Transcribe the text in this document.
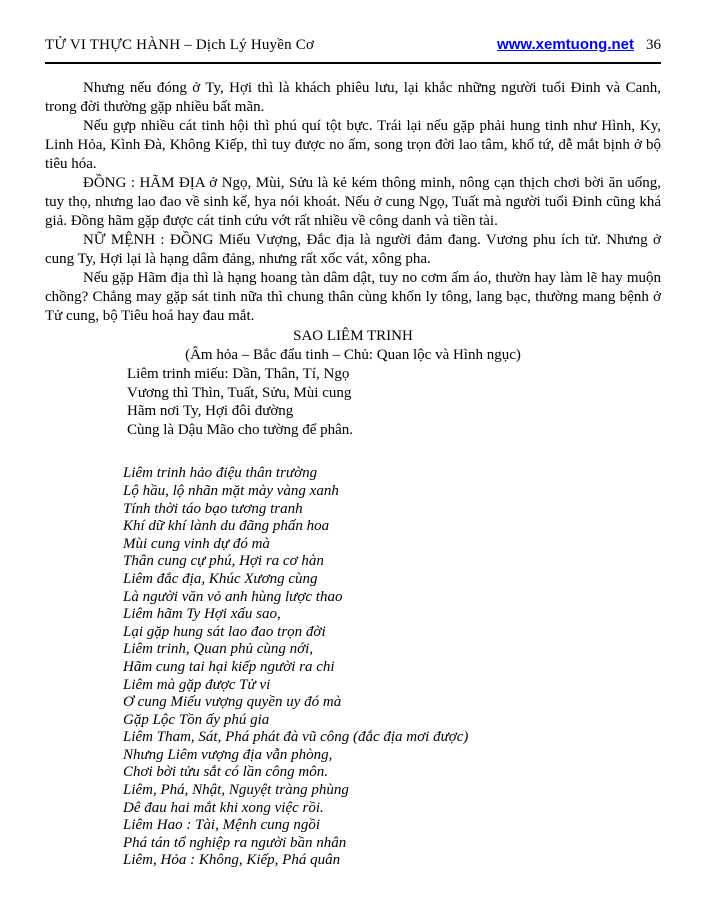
TỬ VI THỰC HÀNH – Dịch Lý Huyền Cơ	www.xemtuong.net 36

Nhưng nếu đóng ở Ty, Hợi thì là khách phiêu lưu, lại khắc những người tuổi Đinh và Canh, trong đời thường gặp nhiều bất mãn.

Nếu gựp nhiều cát tinh hội thì phú quí tột bực. Trái lại nếu gặp phải hung tinh như Hình, Ky, Linh Hỏa, Kình Đà, Không Kiếp, thì tuy được no ấm, song trọn đời lao tâm, khổ tứ, dễ mắt bịnh ở bộ tiêu hóa.

ĐỒNG : HÃM ĐỊA ở Ngọ, Mùi, Sửu là kẻ kém thông minh, nông cạn thịch chơi bời ăn uống, tuy thọ, nhưng lao đao về sinh kế, hya nói khoát. Nếu ở cung Ngọ, Tuất mà người tuổi Đinh cũng khá giả. Đồng hãm gặp được cát tinh cứu vớt rất nhiều về công danh và tiền tài.

NỮ MỆNH : ĐỒNG Miếu Vượng, Đắc địa là người đảm đang. Vương phu ích tử. Nhưng ở cung Ty, Hợi lại là hạng dâm đảng, nhưng rất xốc vát, xông pha.

Nếu gặp Hãm địa thì là hạng hoang tàn dâm dật, tuy no cơm ấm áo, thườn hay làm lẽ hay muộn chồng? Chẳng may gặp sát tinh nữa thì chung thân cùng khốn ly tông, lang bạc, thường mang bệnh ở Tử cung, bộ Tiêu hoá hay đau mắt.

SAO LIÊM TRINH
(Âm hỏa – Bắc đẩu tinh – Chủ: Quan lộc và Hình ngục)
Liêm trinh miếu: Dần, Thân, Tí, Ngọ
Vương thì Thìn, Tuất, Sửu, Mùi cung
Hãm nơi Ty, Hợi đôi đường
Cùng là Dậu Mão cho tường để phân.
Liêm trinh hảo điệu thân trường
Lộ hầu, lộ nhãn mặt mày vàng xanh
Tính thời táo bạo tương tranh
Khí dữ khí lành du đãng phấn hoa
Mùi cung vinh dự đó mà
Thân cung cự phú, Hợi ra cơ hàn
Liêm đắc địa, Khúc Xương cùng
Là người văn vỏ anh hùng lược thao
Liêm hãm Ty Hợi xấu sao,
Lại gặp hung sát lao đao trọn đời
Liêm trinh, Quan phủ cùng nới,
Hãm cung tai hại kiếp người ra chi
Liêm mà gặp được Tử vi
Ơ cung Miếu vượng quyền uy đó mà
Gặp Lộc Tồn ấy phú gia
Liêm Tham, Sát, Phá phát đà vũ công (đắc địa mơi được)
Nhưng Liêm vượng địa vẫn phòng,
Chơi bời tửu sắt có lần công môn.
Liêm, Phá, Nhật, Nguyệt tràng phùng
Dê đau hai mắt khi xong việc rồi.
Liêm Hao : Tài, Mệnh cung ngồi
Phá tán tổ nghiệp ra người bần nhân
Liêm, Hỏa : Không, Kiếp, Phá quân
